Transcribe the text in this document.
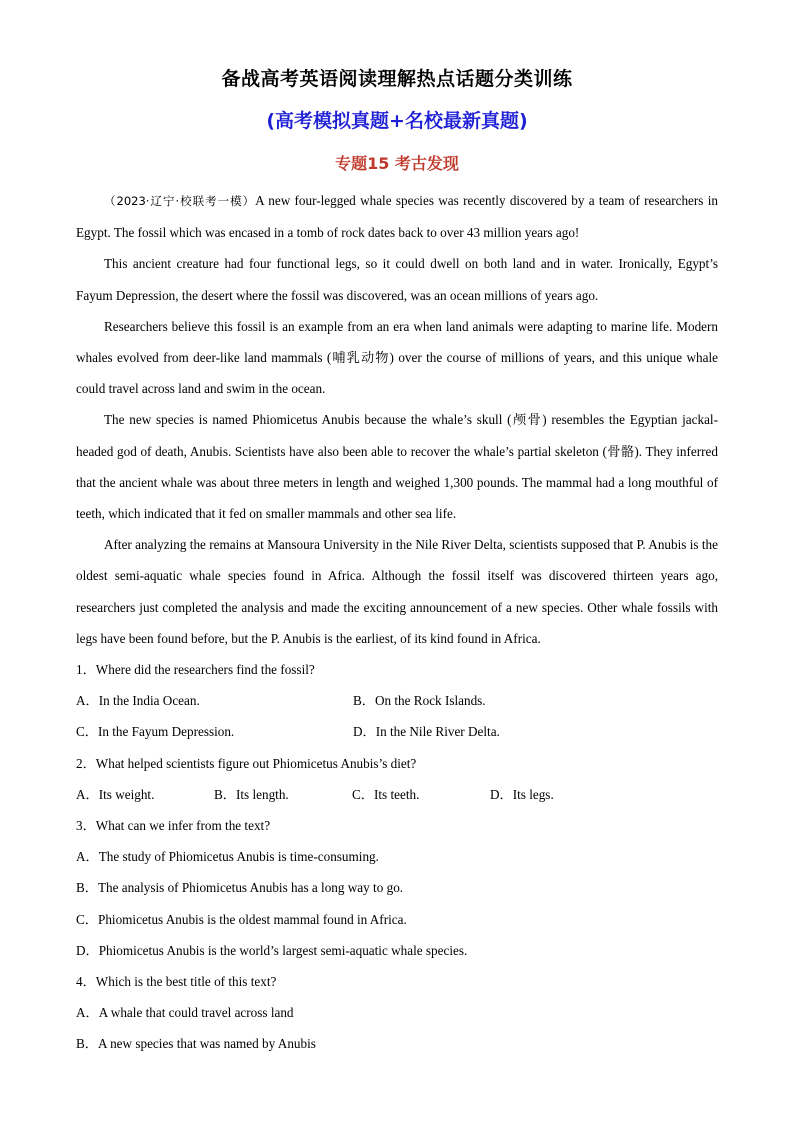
备战高考英语阅读理解热点话题分类训练
(高考模拟真题+名校最新真题)
专题15 考古发现

（2023·辽宁·校联考一模）A new four-legged whale species was recently discovered by a team of researchers in Egypt. The fossil which was encased in a tomb of rock dates back to over 43 million years ago!

This ancient creature had four functional legs, so it could dwell on both land and in water. Ironically, Egypt’s Fayum Depression, the desert where the fossil was discovered, was an ocean millions of years ago.

Researchers believe this fossil is an example from an era when land animals were adapting to marine life. Modern whales evolved from deer-like land mammals (哺乳动物) over the course of millions of years, and this unique whale could travel across land and swim in the ocean.

The new species is named Phiomicetus Anubis because the whale’s skull (颅骨) resembles the Egyptian jackal-headed god of death, Anubis. Scientists have also been able to recover the whale’s partial skeleton (骨骼). They inferred that the ancient whale was about three meters in length and weighed 1,300 pounds. The mammal had a long mouthful of teeth, which indicated that it fed on smaller mammals and other sea life.

After analyzing the remains at Mansoura University in the Nile River Delta, scientists supposed that P. Anubis is the oldest semi-aquatic whale species found in Africa. Although the fossil itself was discovered thirteen years ago, researchers just completed the analysis and made the exciting announcement of a new species. Other whale fossils with legs have been found before, but the P. Anubis is the earliest, of its kind found in Africa.

1．Where did the researchers find the fossil?

A．In the India Ocean.	B．On the Rock Islands.
C．In the Fayum Depression.	D．In the Nile River Delta.

2．What helped scientists figure out Phiomicetus Anubis’s diet?

A．Its weight.	B．Its length.	C．Its teeth.	D．Its legs.

3．What can we infer from the text?

A．The study of Phiomicetus Anubis is time-consuming.

B．The analysis of Phiomicetus Anubis has a long way to go.

C．Phiomicetus Anubis is the oldest mammal found in Africa.

D．Phiomicetus Anubis is the world’s largest semi-aquatic whale species.

4．Which is the best title of this text?

A．A whale that could travel across land

B．A new species that was named by Anubis
